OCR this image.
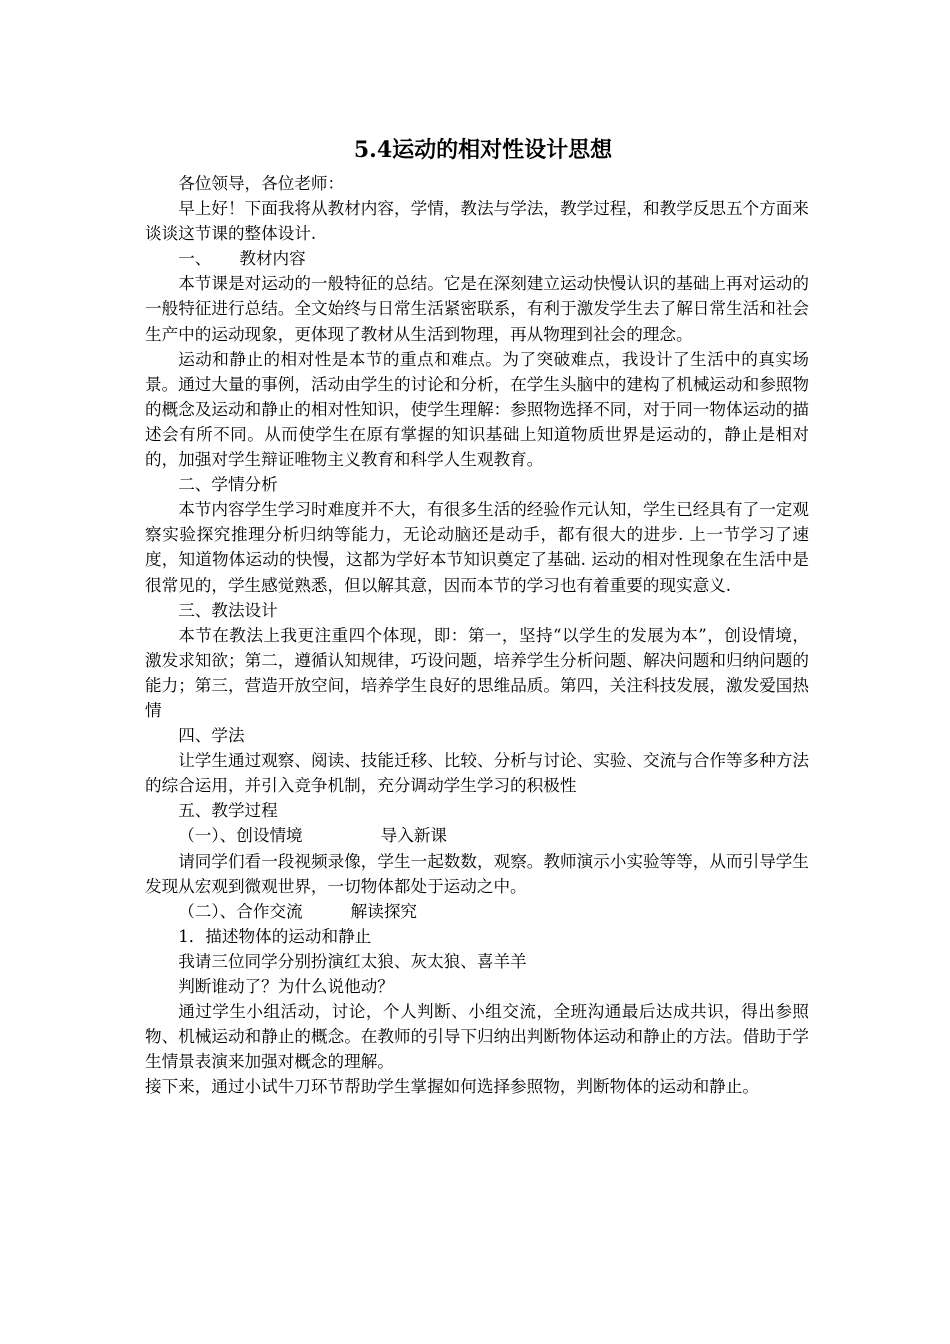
5.4运动的相对性设计思想

各位领导，各位老师：

早上好！下面我将从教材内容，学情，教法与学法，教学过程，和教学反思五个方面来谈谈这节课的整体设计.

一、 教材内容

本节课是对运动的一般特征的总结。它是在深刻建立运动快慢认识的基础上再对运动的一般特征进行总结。全文始终与日常生活紧密联系，有利于激发学生去了解日常生活和社会生产中的运动现象，更体现了教材从生活到物理，再从物理到社会的理念。

运动和静止的相对性是本节的重点和难点。为了突破难点，我设计了生活中的真实场景。通过大量的事例，活动由学生的讨论和分析，在学生头脑中的建构了机械运动和参照物的概念及运动和静止的相对性知识，使学生理解：参照物选择不同，对于同一物体运动的描述会有所不同。从而使学生在原有掌握的知识基础上知道物质世界是运动的，静止是相对的，加强对学生辩证唯物主义教育和科学人生观教育。

二、学情分析

本节内容学生学习时难度并不大，有很多生活的经验作元认知，学生已经具有了一定观察实验探究推理分析归纳等能力，无论动脑还是动手，都有很大的进步. 上一节学习了速度，知道物体运动的快慢，这都为学好本节知识奠定了基础. 运动的相对性现象在生活中是很常见的，学生感觉熟悉，但以解其意，因而本节的学习也有着重要的现实意义.

三、教法设计

本节在教法上我更注重四个体现，即：第一，坚持“以学生的发展为本”，创设情境，激发求知欲；第二，遵循认知规律，巧设问题，培养学生分析问题、解决问题和归纳问题的能力；第三，营造开放空间，培养学生良好的思维品质。第四，关注科技发展，激发爱国热情

四、学法

让学生通过观察、阅读、技能迁移、比较、分析与讨论、实验、交流与合作等多种方法的综合运用，并引入竞争机制，充分调动学生学习的积极性

五、教学过程

（一）、创设情境	导入新课

请同学们看一段视频录像，学生一起数数，观察。教师演示小实验等等，从而引导学生发现从宏观到微观世界，一切物体都处于运动之中。

（二）、合作交流	解读探究

1．描述物体的运动和静止

我请三位同学分别扮演红太狼、灰太狼、喜羊羊

判断谁动了？为什么说他动？

通过学生小组活动，讨论，个人判断、小组交流，全班沟通最后达成共识，得出参照物、机械运动和静止的概念。在教师的引导下归纳出判断物体运动和静止的方法。借助于学生情景表演来加强对概念的理解。

接下来，通过小试牛刀环节帮助学生掌握如何选择参照物，判断物体的运动和静止。
